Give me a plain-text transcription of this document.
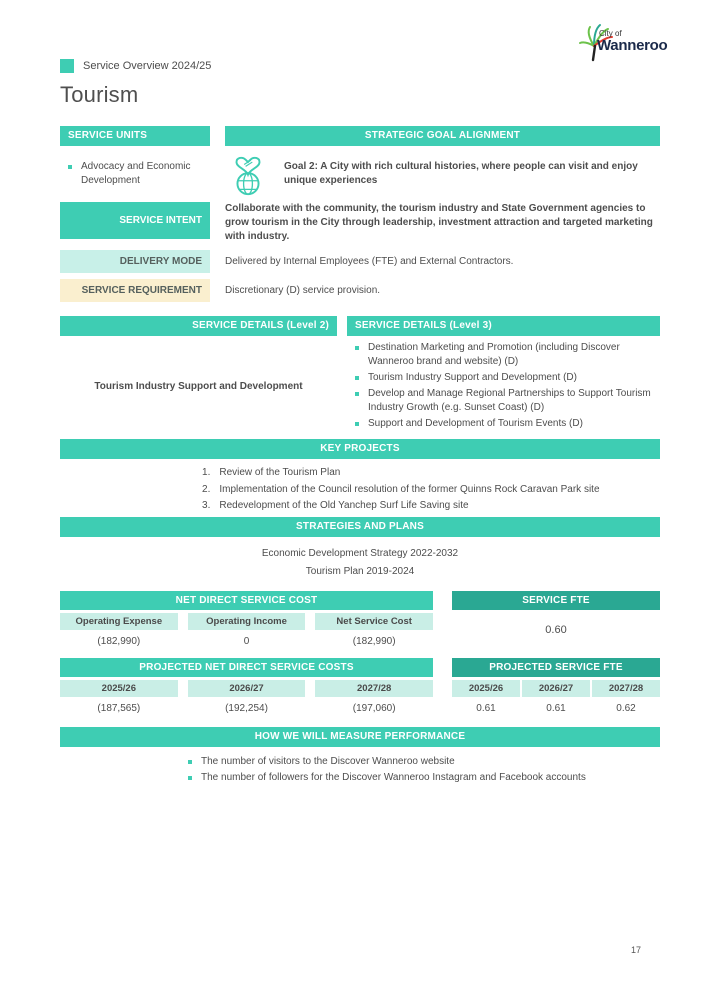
City of
Wanneroo
Service Overview 2024/25
Tourism
SERVICE UNITS	STRATEGIC GOAL ALIGNMENT
Advocacy and Economic Development
Goal 2: A City with rich cultural histories, where people can visit and enjoy unique experiences
SERVICE INTENT
Collaborate with the community, the tourism industry and State Government agencies to grow tourism in the City through leadership, investment attraction and targeted marketing with industry.
DELIVERY MODE	Delivered by Internal Employees (FTE) and External Contractors.
SERVICE REQUIREMENT	Discretionary (D) service provision.
SERVICE DETAILS (Level 2)	SERVICE DETAILS (Level 3)
Tourism Industry Support and Development
Destination Marketing and Promotion (including Discover Wanneroo brand and website) (D)
Tourism Industry Support and Development (D)
Develop and Manage Regional Partnerships to Support Tourism Industry Growth (e.g. Sunset Coast) (D)
Support and Development of Tourism Events (D)
KEY PROJECTS
Review of the Tourism Plan
Implementation of the Council resolution of the former Quinns Rock Caravan Park site
Redevelopment of the Old Yanchep Surf Life Saving site
STRATEGIES AND PLANS
Economic Development Strategy 2022-2032
Tourism Plan 2019-2024
NET DIRECT SERVICE COST
Operating Expense	Operating Income	Net Service Cost
(182,990)	0	(182,990)
SERVICE FTE
0.60
PROJECTED NET DIRECT SERVICE COSTS
2025/26	2026/27	2027/28
(187,565)	(192,254)	(197,060)
PROJECTED SERVICE FTE
2025/26	2026/27	2027/28
0.61	0.61	0.62
HOW WE WILL MEASURE PERFORMANCE
The number of visitors to the Discover Wanneroo website
The number of followers for the Discover Wanneroo Instagram and Facebook accounts
17
